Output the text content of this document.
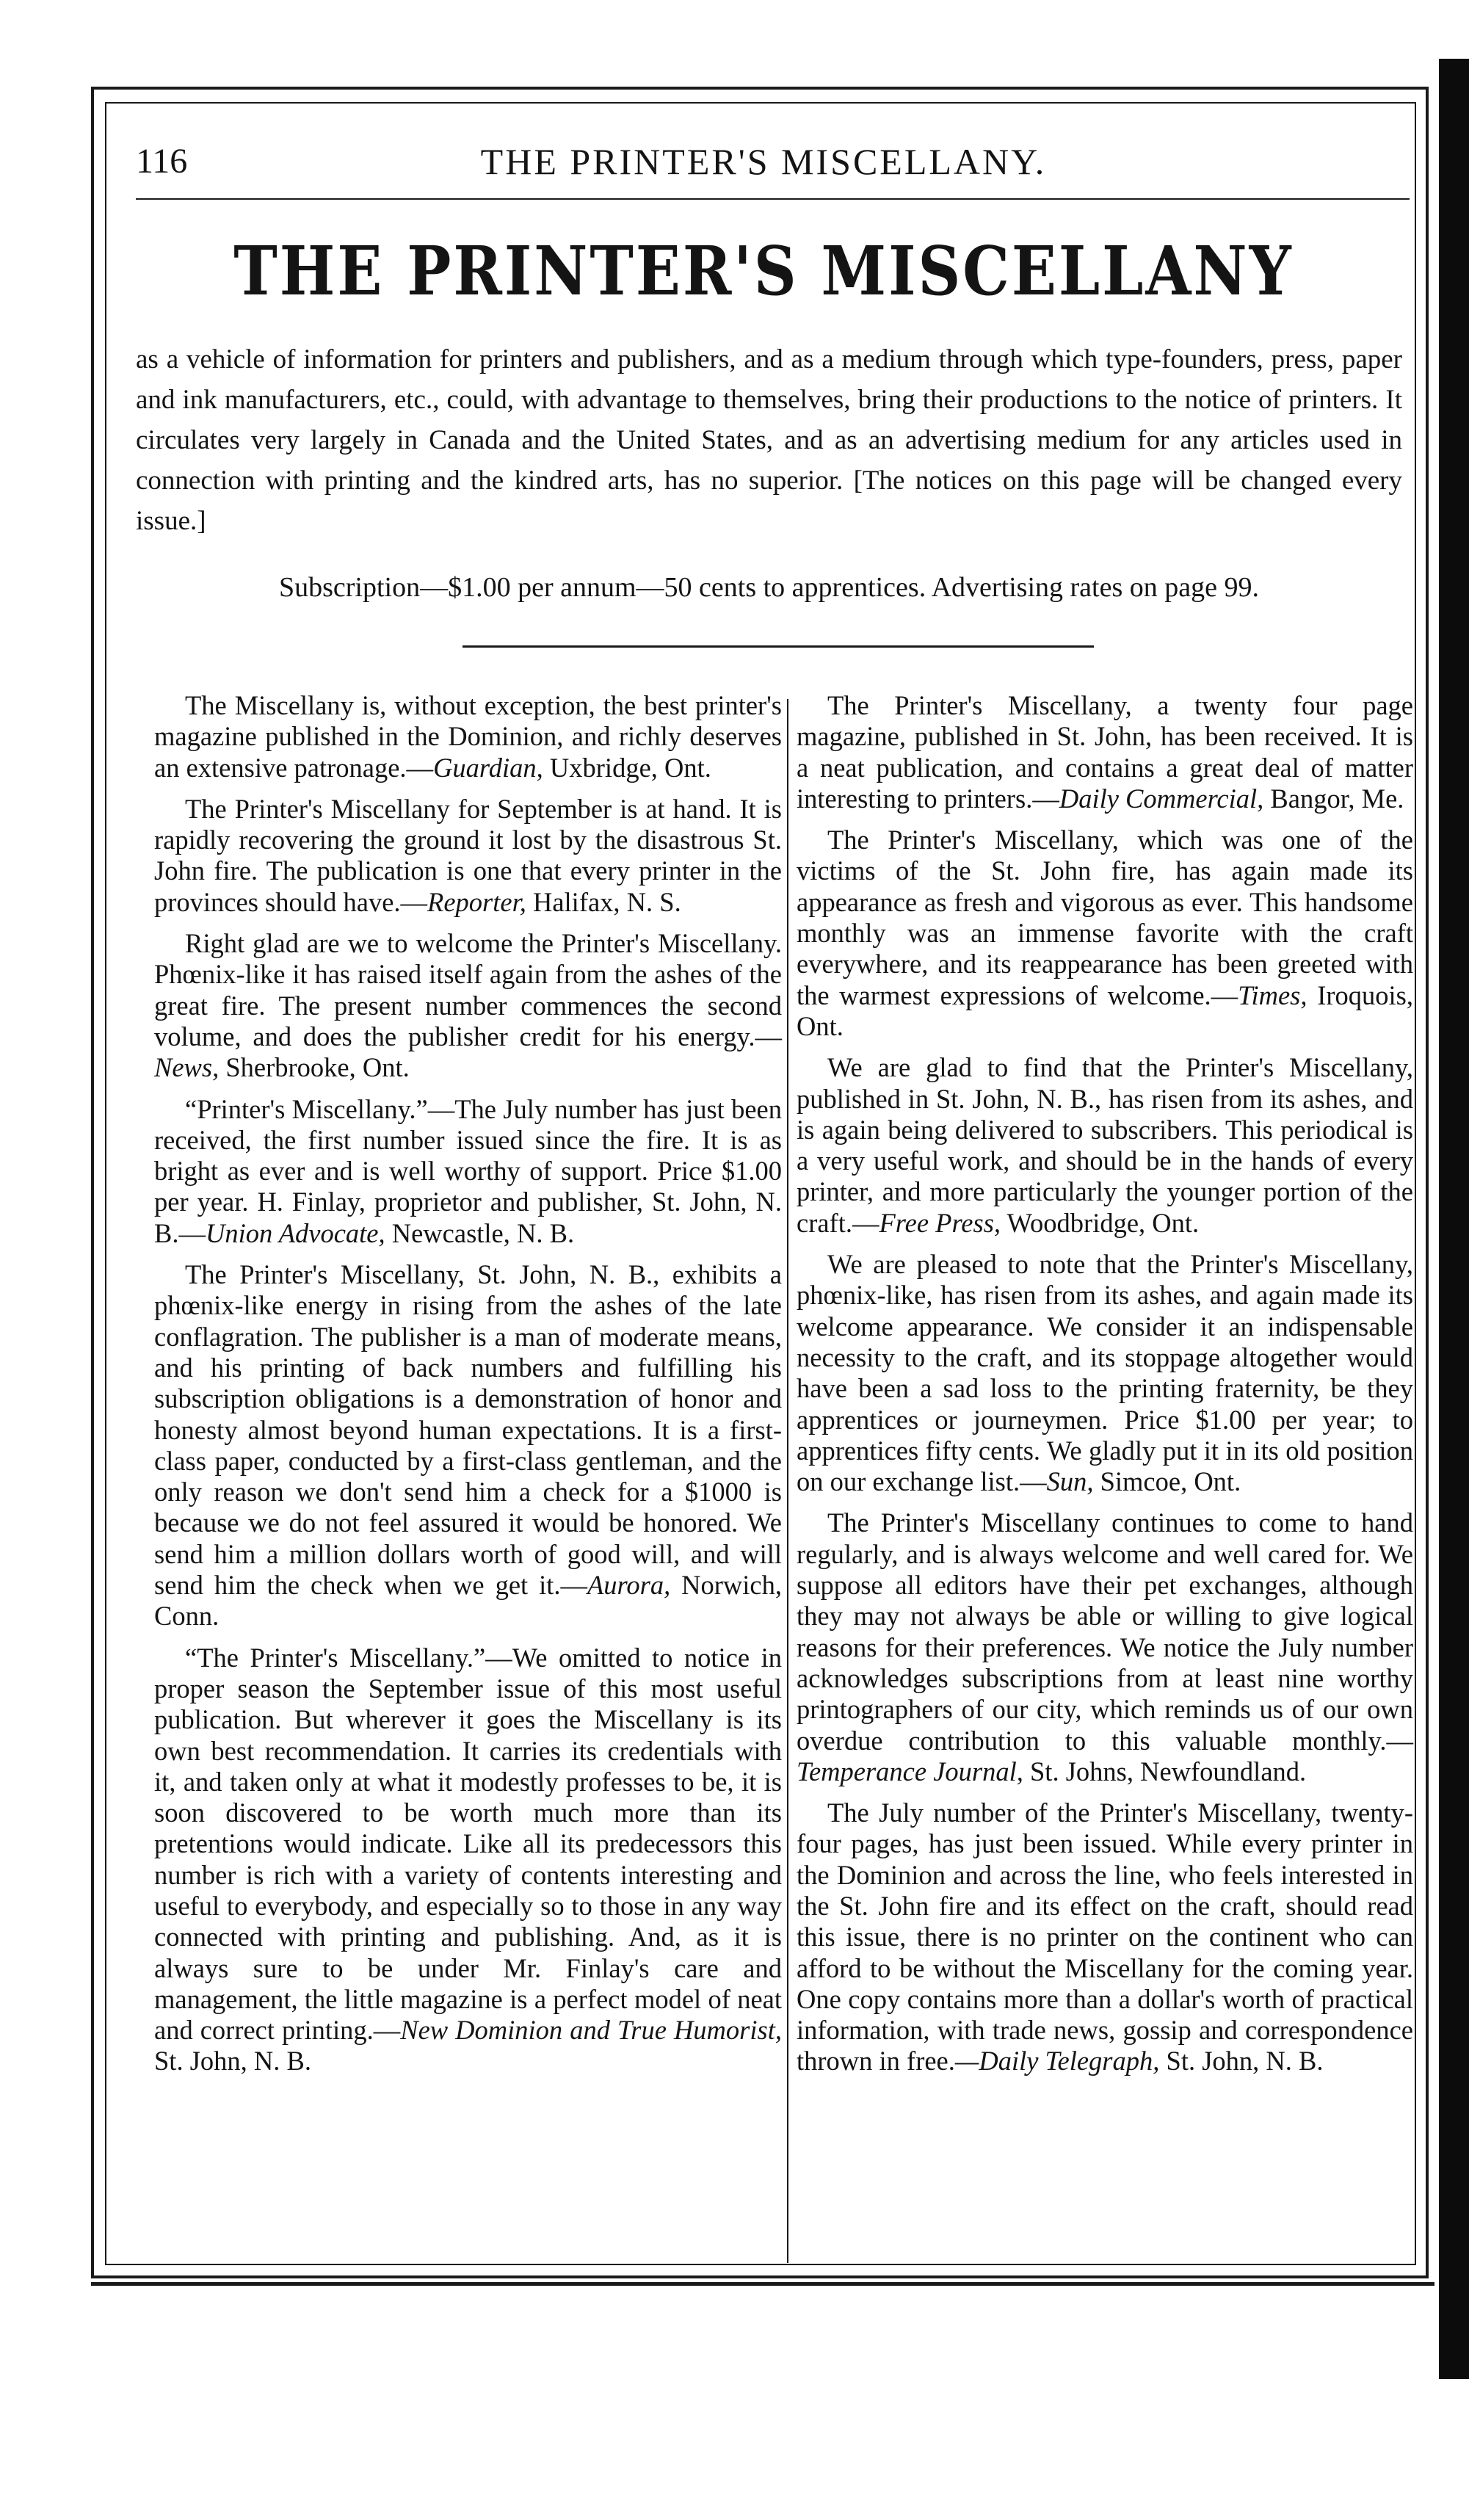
116	THE PRINTER'S MISCELLANY.
THE PRINTER'S MISCELLANY
as a vehicle of information for printers and publishers, and as a medium through which type-founders, press, paper and ink manufacturers, etc., could, with advantage to themselves, bring their productions to the notice of printers. It circulates very largely in Canada and the United States, and as an advertising medium for any articles used in connection with printing and the kindred arts, has no superior. [The notices on this page will be changed every issue.]
Subscription—$1.00 per annum—50 cents to apprentices. Advertising rates on page 99.

The Miscellany is, without exception, the best printer's magazine published in the Dominion, and richly deserves an extensive patronage.—Guardian, Uxbridge, Ont.

The Printer's Miscellany for September is at hand. It is rapidly recovering the ground it lost by the disastrous St. John fire. The publication is one that every printer in the provinces should have.—Reporter, Halifax, N. S.

Right glad are we to welcome the Printer's Miscellany. Phœnix-like it has raised itself again from the ashes of the great fire. The present number commences the second volume, and does the publisher credit for his energy.—News, Sherbrooke, Ont.

“Printer's Miscellany.”—The July number has just been received, the first number issued since the fire. It is as bright as ever and is well worthy of support. Price $1.00 per year. H. Finlay, proprietor and publisher, St. John, N. B.—Union Advocate, Newcastle, N. B.

The Printer's Miscellany, St. John, N. B., exhibits a phœnix-like energy in rising from the ashes of the late conflagration. The publisher is a man of moderate means, and his printing of back numbers and fulfilling his subscription obligations is a demonstration of honor and honesty almost beyond human expectations. It is a first-class paper, conducted by a first-class gentleman, and the only reason we don't send him a check for a $1000 is because we do not feel assured it would be honored. We send him a million dollars worth of good will, and will send him the check when we get it.—Aurora, Norwich, Conn.

“The Printer's Miscellany.”—We omitted to notice in proper season the September issue of this most useful publication. But wherever it goes the Miscellany is its own best recommendation. It carries its credentials with it, and taken only at what it modestly professes to be, it is soon discovered to be worth much more than its pretentions would indicate. Like all its predecessors this number is rich with a variety of contents interesting and useful to everybody, and especially so to those in any way connected with printing and publishing. And, as it is always sure to be under Mr. Finlay's care and management, the little magazine is a perfect model of neat and correct printing.—New Dominion and True Humorist, St. John, N. B.

The Printer's Miscellany, a twenty four page magazine, published in St. John, has been received. It is a neat publication, and contains a great deal of matter interesting to printers.—Daily Commercial, Bangor, Me.

The Printer's Miscellany, which was one of the victims of the St. John fire, has again made its appearance as fresh and vigorous as ever. This handsome monthly was an immense favorite with the craft everywhere, and its reappearance has been greeted with the warmest expressions of welcome.—Times, Iroquois, Ont.

We are glad to find that the Printer's Miscellany, published in St. John, N. B., has risen from its ashes, and is again being delivered to subscribers. This periodical is a very useful work, and should be in the hands of every printer, and more particularly the younger portion of the craft.—Free Press, Woodbridge, Ont.

We are pleased to note that the Printer's Miscellany, phœnix-like, has risen from its ashes, and again made its welcome appearance. We consider it an indispensable necessity to the craft, and its stoppage altogether would have been a sad loss to the printing fraternity, be they apprentices or journeymen. Price $1.00 per year; to apprentices fifty cents. We gladly put it in its old position on our exchange list.—Sun, Simcoe, Ont.

The Printer's Miscellany continues to come to hand regularly, and is always welcome and well cared for. We suppose all editors have their pet exchanges, although they may not always be able or willing to give logical reasons for their preferences. We notice the July number acknowledges subscriptions from at least nine worthy printographers of our city, which reminds us of our own overdue contribution to this valuable monthly.—Temperance Journal, St. Johns, Newfoundland.

The July number of the Printer's Miscellany, twenty-four pages, has just been issued. While every printer in the Dominion and across the line, who feels interested in the St. John fire and its effect on the craft, should read this issue, there is no printer on the continent who can afford to be without the Miscellany for the coming year. One copy contains more than a dollar's worth of practical information, with trade news, gossip and correspondence thrown in free.—Daily Telegraph, St. John, N. B.
